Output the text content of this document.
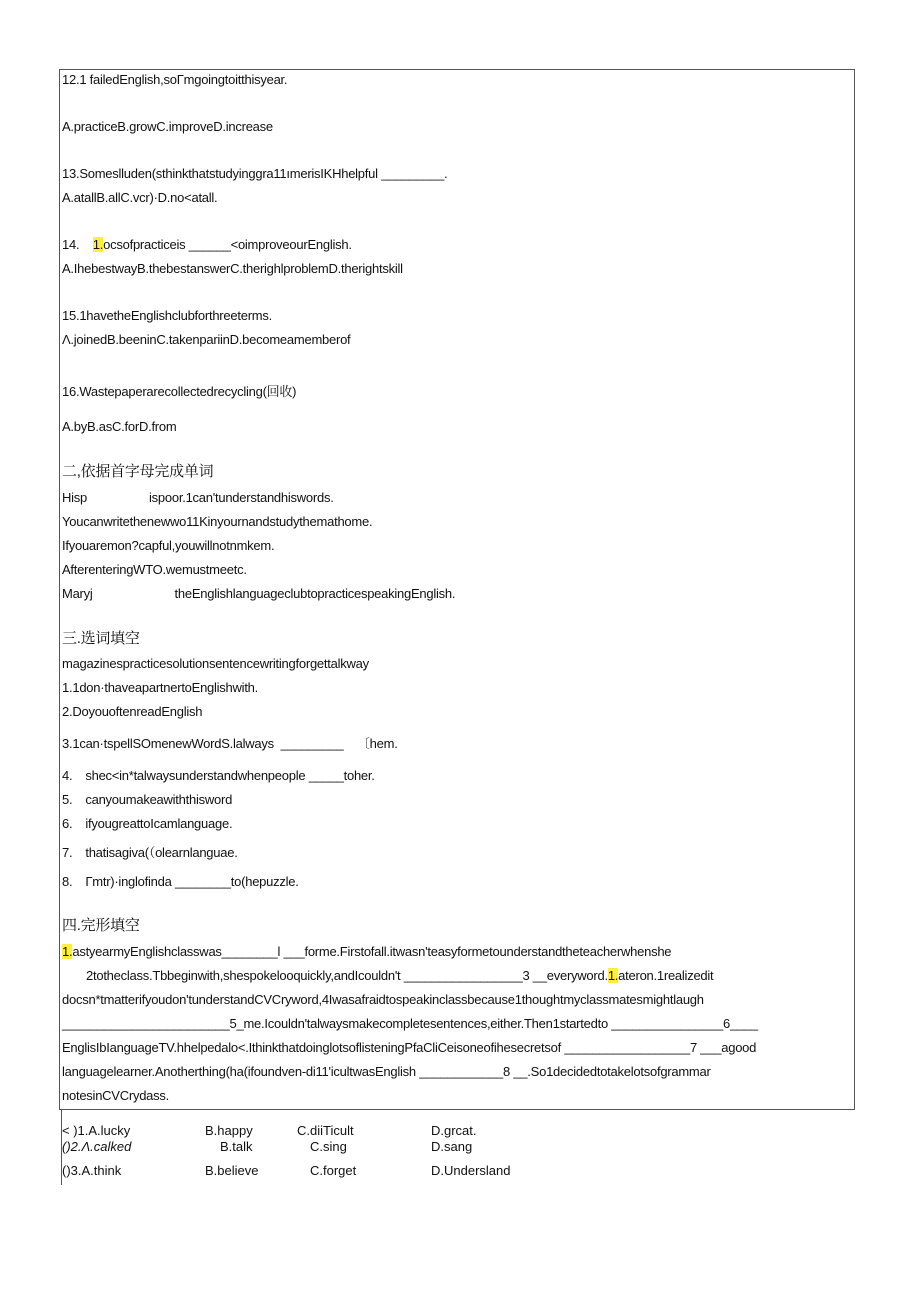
12.1 failedEnglish,soΓmgoingtoitthisyear.
A.practiceB.growC.improveD.increase
13.Someslluden(sthinkthatstudyinggra11ımerisIKHhelpful _________.
A.atallB.allC.vcr)·D.no<atall.
14. 1.ocsofpracticeis ______<oimproveourEnglish.
A.IhebestwayB.thebestanswerC.therighlproblemD.therightskill
15.1havetheEnglishclubforthreeterms.
Λ.joinedB.beeninC.takenpariinD.becomeamemberof
16.Wastepaperarecollectedrecycling(回收)
A.byB.asC.forD.from
二,依据首字母完成单词
Hisp	ispoor.1can'tunderstandhiswords.
Youcanwritethenewwo11Kinyournandstudythemathome.
Ifyouaremon?capful,youwillnotnmkem.
AfterenteringWTO.wemustmeetc.
Maryj	theEnglishlanguageclubtopracticespeakingEnglish.
三.选词填空
magazinespracticesolutionsentencewritingforgettalkway
1.1don·thaveapartnertoEnglishwith.
2.DoyouoftenreadEnglish
3.1can·tspellSOmenewWordS.lalways _________ 〔hem.
4. shec<in*talwaysunderstandwhenpeople _____toher.
5. canyoumakeawiththisword
6. ifyougreattoIcamlanguage.
7. thatisagiva(（olearnlanguae.
8. Γmtr)·inglofinda ________to(hepuzzle.
四.完形填空
1.astyearmyEnglishclasswas________l ___forme.Firstofall.itwasn'teasyformetounderstandtheteacherwhenshe
2totheclass.Tbbeginwith,shespokelooquickly,andIcouldn't _________________3 __everyword.1.ateron.1realizedit
docsn*tmatterifyoudon'tunderstandCVCryword,4Iwasafraidtospeakinclassbecause1thoughtmyclassmatesmightlaugh
________________________5_me.Icouldn'talwaysmakecompletesentences,either.Then1startedto ________________6____
EnglisIbIanguageTV.hhelpedalo<.IthinkthatdoinglotsoflisteningPfaCliCeisoneofihesecretsof __________________7 ___agood
languagelearner.Anotherthing(ha(ifoundven-di11'icultwasEnglish ____________8 __.So1decidedtotakelotsofgrammar
notesinCVCrydass.
< )1.A.lucky	B.happy	C.diiTicult	D.grcat.
()2.Λ.calked	B.talk	C.sing	D.sang
()3.A.think	B.believe	C.forget	D.Undersland
